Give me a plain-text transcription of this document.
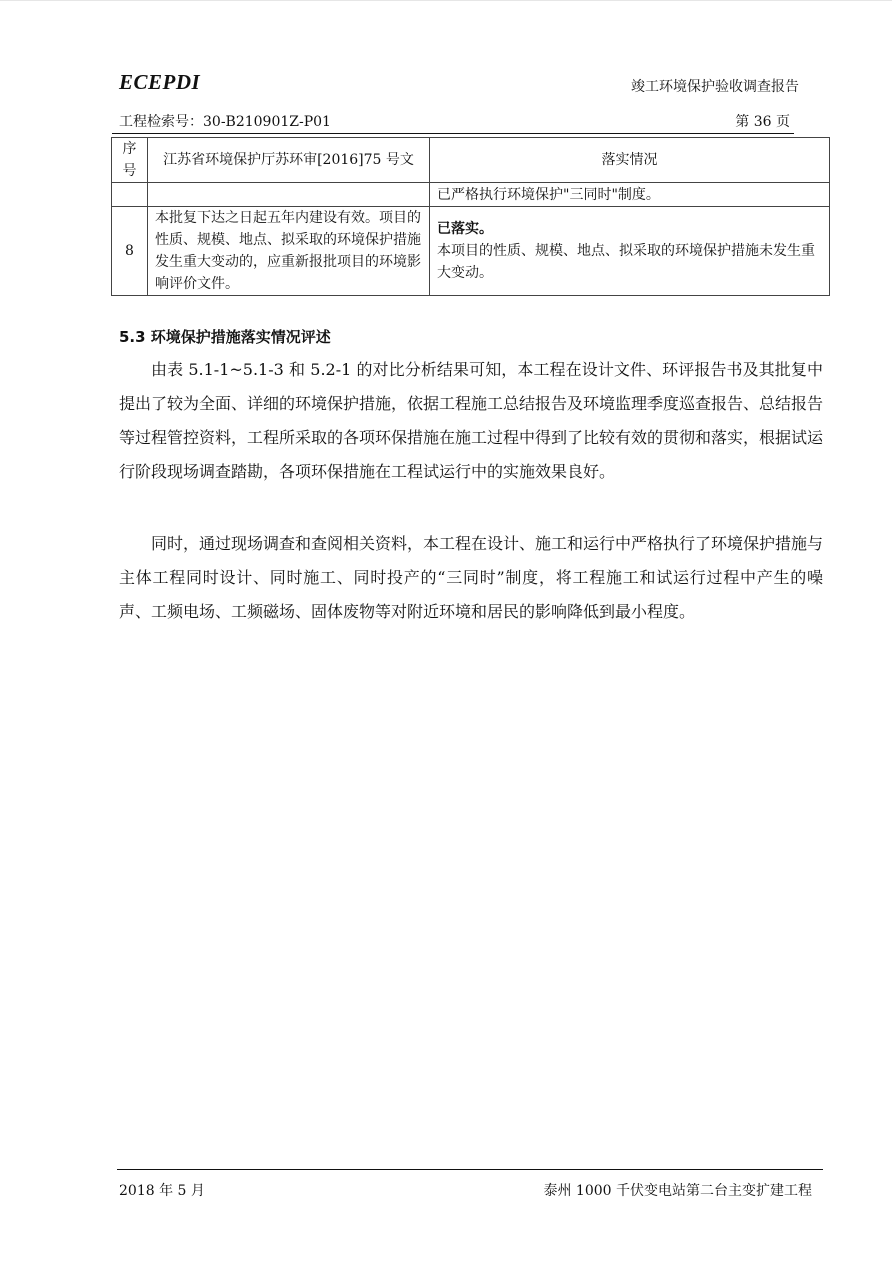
ECEPDI	竣工环境保护验收调查报告
工程检索号：30-B210901Z-P01	第 36 页
序号	江苏省环境保护厅苏环审[2016]75 号文	落实情况
		已严格执行环境保护"三同时"制度。
8	本批复下达之日起五年内建设有效。项目的性质、规模、地点、拟采取的环境保护措施发生重大变动的，应重新报批项目的环境影响评价文件。	已落实。
本项目的性质、规模、地点、拟采取的环境保护措施未发生重大变动。
5.3 环境保护措施落实情况评述

由表 5.1-1~5.1-3 和 5.2-1 的对比分析结果可知，本工程在设计文件、环评报告书及其批复中提出了较为全面、详细的环境保护措施，依据工程施工总结报告及环境监理季度巡查报告、总结报告等过程管控资料，工程所采取的各项环保措施在施工过程中得到了比较有效的贯彻和落实，根据试运行阶段现场调查踏勘，各项环保措施在工程试运行中的实施效果良好。

同时，通过现场调查和查阅相关资料，本工程在设计、施工和运行中严格执行了环境保护措施与主体工程同时设计、同时施工、同时投产的“三同时”制度，将工程施工和试运行过程中产生的噪声、工频电场、工频磁场、固体废物等对附近环境和居民的影响降低到最小程度。

2018 年 5 月	泰州 1000 千伏变电站第二台主变扩建工程
